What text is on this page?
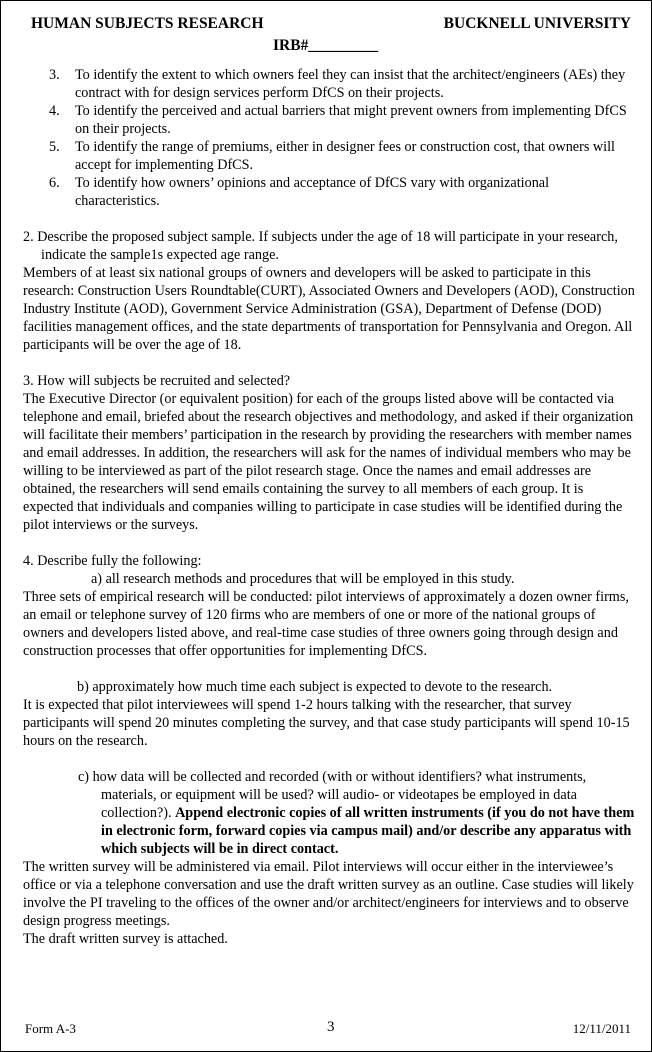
HUMAN SUBJECTS RESEARCH	BUCKNELL UNIVERSITY
IRB#_________
3. To identify the extent to which owners feel they can insist that the architect/engineers (AEs) they contract with for design services perform DfCS on their projects.
4. To identify the perceived and actual barriers that might prevent owners from implementing DfCS on their projects.
5. To identify the range of premiums, either in designer fees or construction cost, that owners will accept for implementing DfCS.
6. To identify how owners’ opinions and acceptance of DfCS vary with organizational characteristics.

2. Describe the proposed subject sample. If subjects under the age of 18 will participate in your research, indicate the sample1s expected age range.

Members of at least six national groups of owners and developers will be asked to participate in this research: Construction Users Roundtable(CURT), Associated Owners and Developers (AOD), Construction Industry Institute (AOD), Government Service Administration (GSA), Department of Defense (DOD) facilities management offices, and the state departments of transportation for Pennsylvania and Oregon. All participants will be over the age of 18.

3. How will subjects be recruited and selected?

The Executive Director (or equivalent position) for each of the groups listed above will be contacted via telephone and email, briefed about the research objectives and methodology, and asked if their organization will facilitate their members’ participation in the research by providing the researchers with member names and email addresses. In addition, the researchers will ask for the names of individual members who may be willing to be interviewed as part of the pilot research stage. Once the names and email addresses are obtained, the researchers will send emails containing the survey to all members of each group. It is expected that individuals and companies willing to participate in case studies will be identified during the pilot interviews or the surveys.

4. Describe fully the following:

a) all research methods and procedures that will be employed in this study.

Three sets of empirical research will be conducted: pilot interviews of approximately a dozen owner firms, an email or telephone survey of 120 firms who are members of one or more of the national groups of owners and developers listed above, and real-time case studies of three owners going through design and construction processes that offer opportunities for implementing DfCS.

b) approximately how much time each subject is expected to devote to the research.

It is expected that pilot interviewees will spend 1-2 hours talking with the researcher, that survey participants will spend 20 minutes completing the survey, and that case study participants will spend 10-15 hours on the research.

c) how data will be collected and recorded (with or without identifiers? what instruments, materials, or equipment will be used? will audio- or videotapes be employed in data collection?). Append electronic copies of all written instruments (if you do not have them in electronic form, forward copies via campus mail) and/or describe any apparatus with which subjects will be in direct contact.

The written survey will be administered via email. Pilot interviews will occur either in the interviewee’s office or via a telephone conversation and use the draft written survey as an outline. Case studies will likely involve the PI traveling to the offices of the owner and/or architect/engineers for interviews and to observe design progress meetings.

The draft written survey is attached.

Form A-3	3	12/11/2011
